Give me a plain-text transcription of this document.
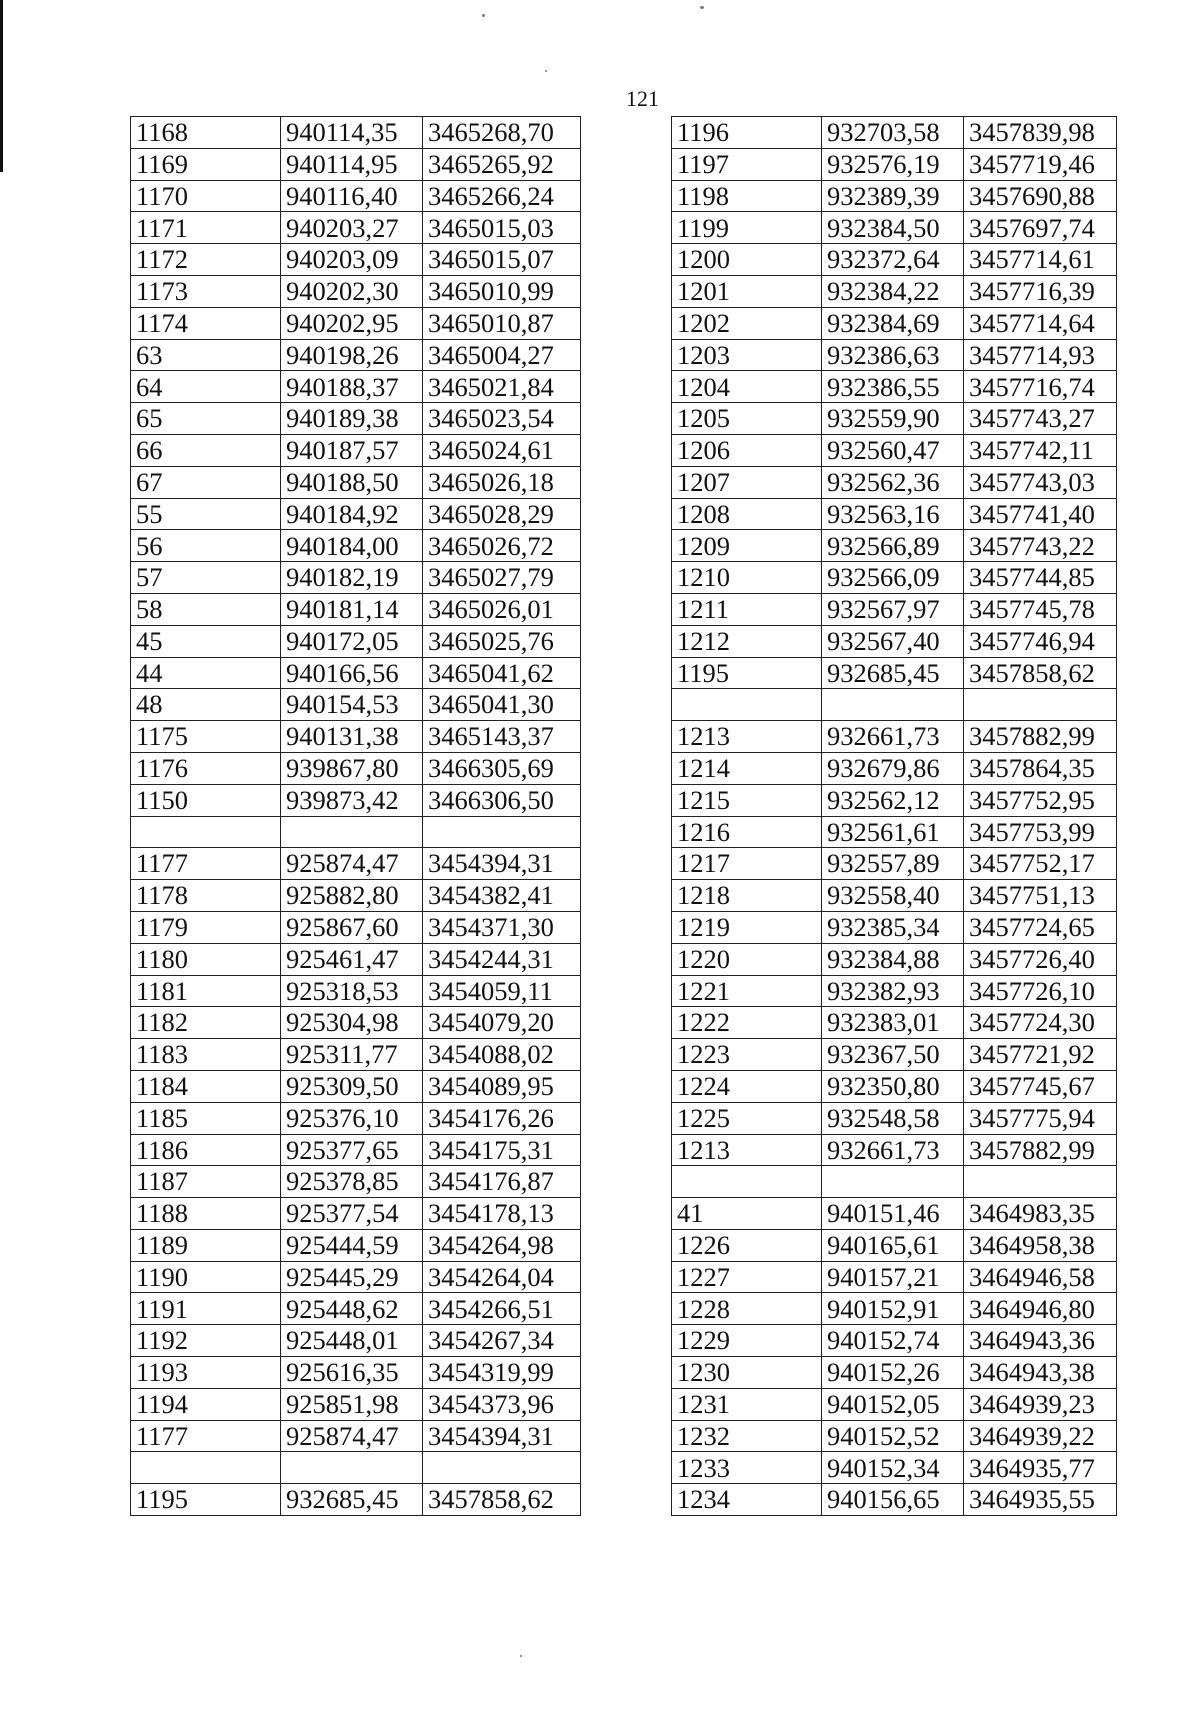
121
1168	940114,35	3465268,70
1169	940114,95	3465265,92
1170	940116,40	3465266,24
1171	940203,27	3465015,03
1172	940203,09	3465015,07
1173	940202,30	3465010,99
1174	940202,95	3465010,87
63	940198,26	3465004,27
64	940188,37	3465021,84
65	940189,38	3465023,54
66	940187,57	3465024,61
67	940188,50	3465026,18
55	940184,92	3465028,29
56	940184,00	3465026,72
57	940182,19	3465027,79
58	940181,14	3465026,01
45	940172,05	3465025,76
44	940166,56	3465041,62
48	940154,53	3465041,30
1175	940131,38	3465143,37
1176	939867,80	3466305,69
1150	939873,42	3466306,50

1177	925874,47	3454394,31
1178	925882,80	3454382,41
1179	925867,60	3454371,30
1180	925461,47	3454244,31
1181	925318,53	3454059,11
1182	925304,98	3454079,20
1183	925311,77	3454088,02
1184	925309,50	3454089,95
1185	925376,10	3454176,26
1186	925377,65	3454175,31
1187	925378,85	3454176,87
1188	925377,54	3454178,13
1189	925444,59	3454264,98
1190	925445,29	3454264,04
1191	925448,62	3454266,51
1192	925448,01	3454267,34
1193	925616,35	3454319,99
1194	925851,98	3454373,96
1177	925874,47	3454394,31

1195	932685,45	3457858,62
1196	932703,58	3457839,98
1197	932576,19	3457719,46
1198	932389,39	3457690,88
1199	932384,50	3457697,74
1200	932372,64	3457714,61
1201	932384,22	3457716,39
1202	932384,69	3457714,64
1203	932386,63	3457714,93
1204	932386,55	3457716,74
1205	932559,90	3457743,27
1206	932560,47	3457742,11
1207	932562,36	3457743,03
1208	932563,16	3457741,40
1209	932566,89	3457743,22
1210	932566,09	3457744,85
1211	932567,97	3457745,78
1212	932567,40	3457746,94
1195	932685,45	3457858,62

1213	932661,73	3457882,99
1214	932679,86	3457864,35
1215	932562,12	3457752,95
1216	932561,61	3457753,99
1217	932557,89	3457752,17
1218	932558,40	3457751,13
1219	932385,34	3457724,65
1220	932384,88	3457726,40
1221	932382,93	3457726,10
1222	932383,01	3457724,30
1223	932367,50	3457721,92
1224	932350,80	3457745,67
1225	932548,58	3457775,94
1213	932661,73	3457882,99

41	940151,46	3464983,35
1226	940165,61	3464958,38
1227	940157,21	3464946,58
1228	940152,91	3464946,80
1229	940152,74	3464943,36
1230	940152,26	3464943,38
1231	940152,05	3464939,23
1232	940152,52	3464939,22
1233	940152,34	3464935,77
1234	940156,65	3464935,55
